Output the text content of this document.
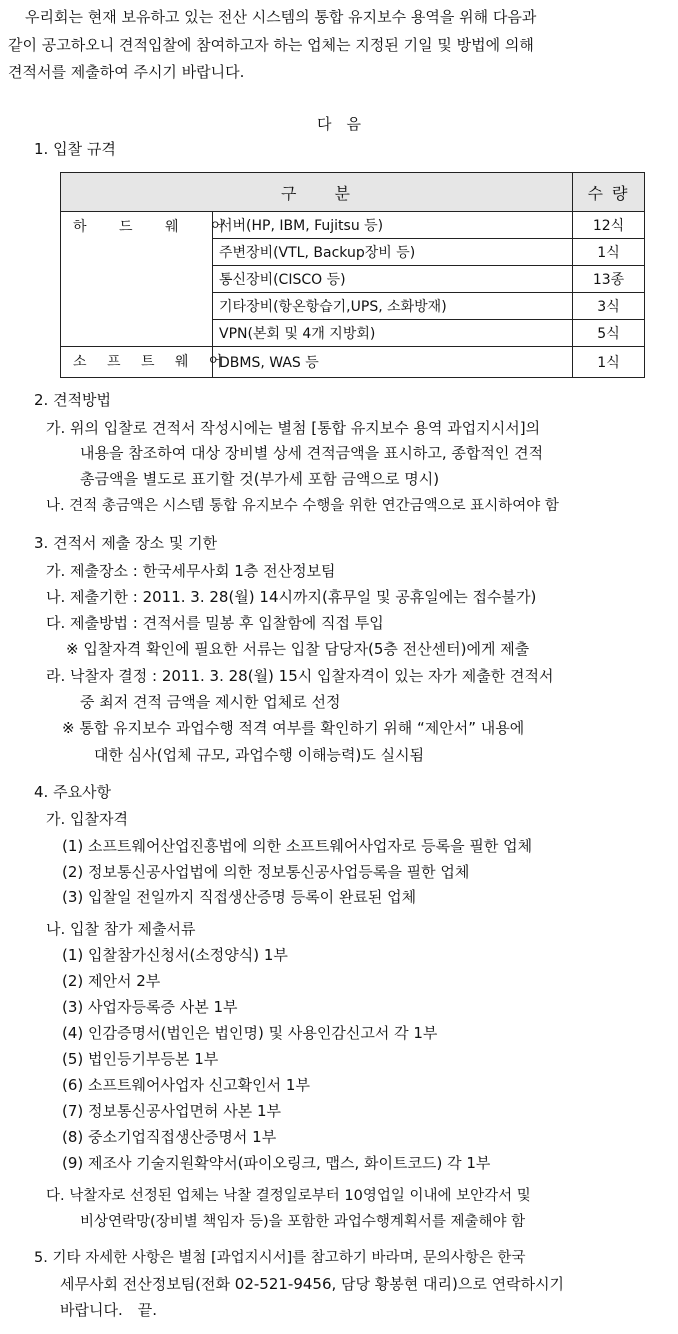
　우리회는 현재 보유하고 있는 전산 시스템의 통합 유지보수 용역을 위해 다음과
같이 공고하오니 견적입찰에 참여하고자 하는 업체는 지정된 기일 및 방법에 의해
견적서를 제출하여 주시기 바랍니다.
다　음
1. 입찰 규격
구　　분		수 량
하 드 웨 어	서버(HP, IBM, Fujitsu 등)	12식
	주변장비(VTL, Backup장비 등)	1식
	통신장비(CISCO 등)	13종
	기타장비(항온항습기,UPS, 소화방재)	3식
	VPN(본회 및 4개 지방회)	5식
소 프 트 웨 어	DBMS, WAS 등	1식
2. 견적방법
가. 위의 입찰로 견적서 작성시에는 별첨 [통합 유지보수 용역 과업지시서]의
내용을 참조하여 대상 장비별 상세 견적금액을 표시하고, 종합적인 견적
총금액을 별도로 표기할 것(부가세 포함 금액으로 명시)
나. 견적 총금액은 시스템 통합 유지보수 수행을 위한 연간금액으로 표시하여야 함
3. 견적서 제출 장소 및 기한
가. 제출장소 : 한국세무사회 1층 전산정보팀
나. 제출기한 : 2011. 3. 28(월) 14시까지(휴무일 및 공휴일에는 접수불가)
다. 제출방법 : 견적서를 밀봉 후 입찰함에 직접 투입
※ 입찰자격 확인에 필요한 서류는 입찰 담당자(5층 전산센터)에게 제출
라. 낙찰자 결정 : 2011. 3. 28(월) 15시 입찰자격이 있는 자가 제출한 견적서
중 최저 견적 금액을 제시한 업체로 선정
※ 통합 유지보수 과업수행 적격 여부를 확인하기 위해 “제안서” 내용에
대한 심사(업체 규모, 과업수행 이해능력)도 실시됨
4. 주요사항
가. 입찰자격
(1) 소프트웨어산업진흥법에 의한 소프트웨어사업자로 등록을 필한 업체
(2) 정보통신공사업법에 의한 정보통신공사업등록을 필한 업체
(3) 입찰일 전일까지 직접생산증명 등록이 완료된 업체
나. 입찰 참가 제출서류
(1) 입찰참가신청서(소정양식) 1부
(2) 제안서 2부
(3) 사업자등록증 사본 1부
(4) 인감증명서(법인은 법인명) 및 사용인감신고서 각 1부
(5) 법인등기부등본 1부
(6) 소프트웨어사업자 신고확인서 1부
(7) 정보통신공사업면허 사본 1부
(8) 중소기업직접생산증명서 1부
(9) 제조사 기술지원확약서(파이오링크, 맵스, 화이트코드) 각 1부
다. 낙찰자로 선정된 업체는 낙찰 결정일로부터 10영업일 이내에 보안각서 및
비상연락망(장비별 책임자 등)을 포함한 과업수행계획서를 제출해야 함
5. 기타 자세한 사항은 별첨 [과업지시서]를 참고하기 바라며, 문의사항은 한국
세무사회 전산정보팀(전화 02-521-9456, 담당 황봉현 대리)으로 연락하시기
바랍니다.　끝.
